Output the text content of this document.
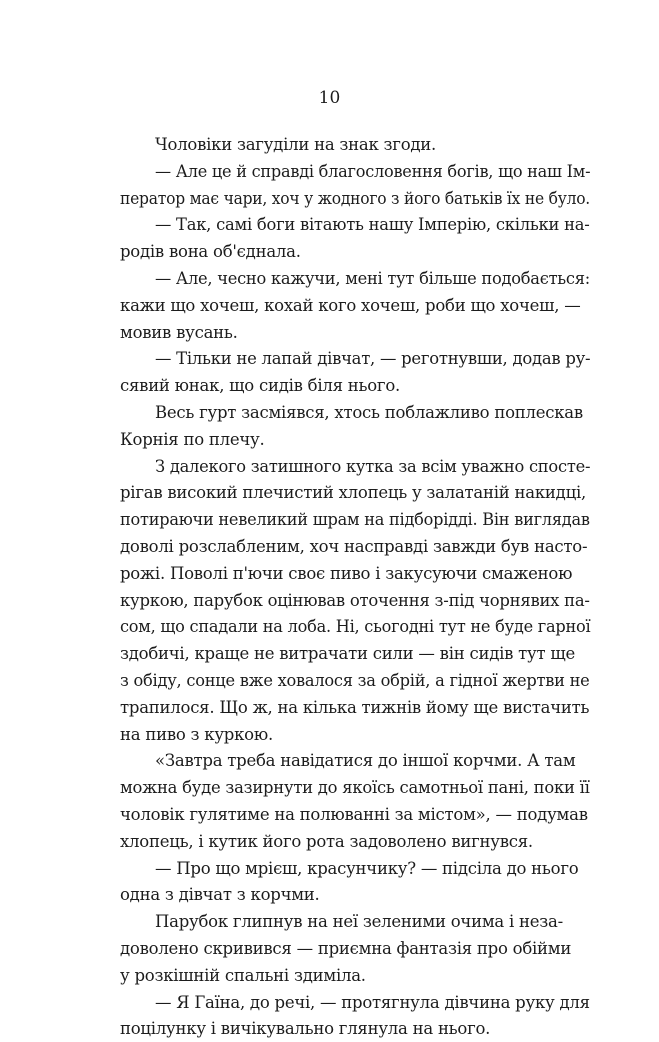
10
Чоловіки загуділи на знак згоди.
— Але це й справді благословення богів, що наш Ім-
ператор має чари, хоч у жодного з його батьків їх не було.
— Так, самі боги вітають нашу Імперію, скільки на-
родів вона об'єднала.
— Але, чесно кажучи, мені тут більше подобається:
кажи що хочеш, кохай кого хочеш, роби що хочеш, —
мовив вусань.
— Тільки не лапай дівчат, — реготнувши, додав ру-
сявий юнак, що сидів біля нього.
Весь гурт засміявся, хтось поблажливо поплескав
Корнія по плечу.
З далекого затишного кутка за всім уважно спосте-
рігав високий плечистий хлопець у залатаній накидці,
потираючи невеликий шрам на підборідді. Він виглядав
доволі розслабленим, хоч насправді завжди був насто-
рожі. Поволі п'ючи своє пиво і закусуючи смаженою
куркою, парубок оцінював оточення з-під чорнявих па-
сом, що спадали на лоба. Ні, сьогодні тут не буде гарної
здобичі, краще не витрачати сили — він сидів тут ще
з обіду, сонце вже ховалося за обрій, а гідної жертви не
трапилося. Що ж, на кілька тижнів йому ще вистачить
на пиво з куркою.
«Завтра треба навідатися до іншої корчми. А там
можна буде зазирнути до якоїсь самотньої пані, поки її
чоловік гулятиме на полюванні за містом», — подумав
хлопець, і кутик його рота задоволено вигнувся.
— Про що мрієш, красунчику? — підсіла до нього
одна з дівчат з корчми.
Парубок глипнув на неї зеленими очима і неза-
доволено скривився — приємна фантазія про обійми
у розкішній спальні здиміла.
— Я Гаїна, до речі, — протягнула дівчина руку для
поцілунку і вичікувально глянула на нього.
